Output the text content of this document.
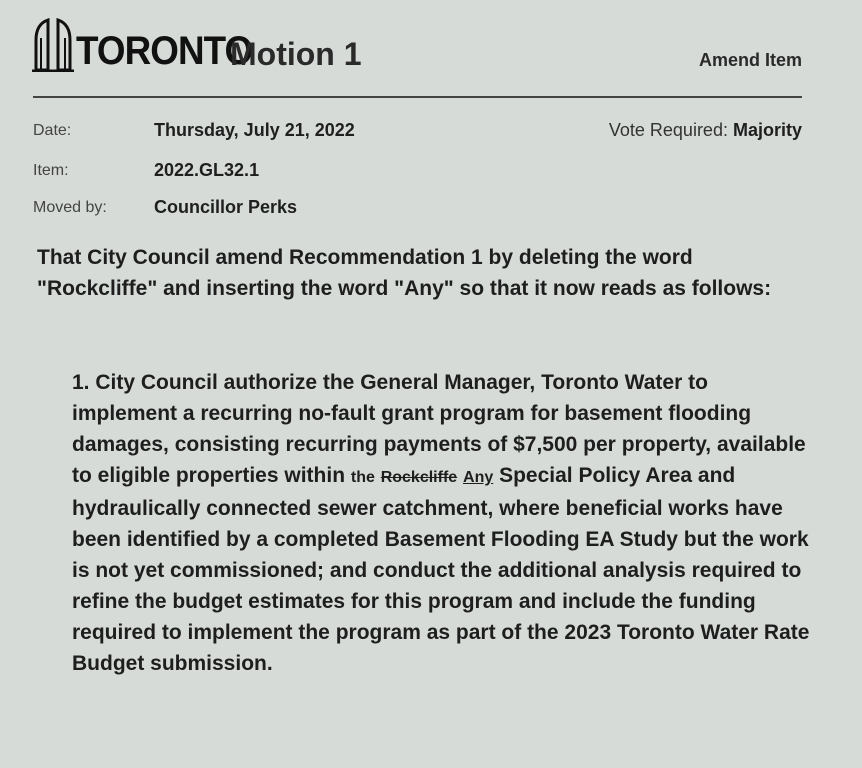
TORONTO
Motion 1	Amend Item
Date:	Thursday, July 21, 2022	Vote Required: Majority
Item:	2022.GL32.1
Moved by:	Councillor Perks
That City Council amend Recommendation 1 by deleting the word "Rockcliffe" and inserting the word "Any" so that it now reads as follows:
1. City Council authorize the General Manager, Toronto Water to implement a recurring no-fault grant program for basement flooding damages, consisting recurring payments of $7,500 per property, available to eligible properties within the Rockcliffe Any Special Policy Area and hydraulically connected sewer catchment, where beneficial works have been identified by a completed Basement Flooding EA Study but the work is not yet commissioned; and conduct the additional analysis required to refine the budget estimates for this program and include the funding required to implement the program as part of the 2023 Toronto Water Rate Budget submission.
